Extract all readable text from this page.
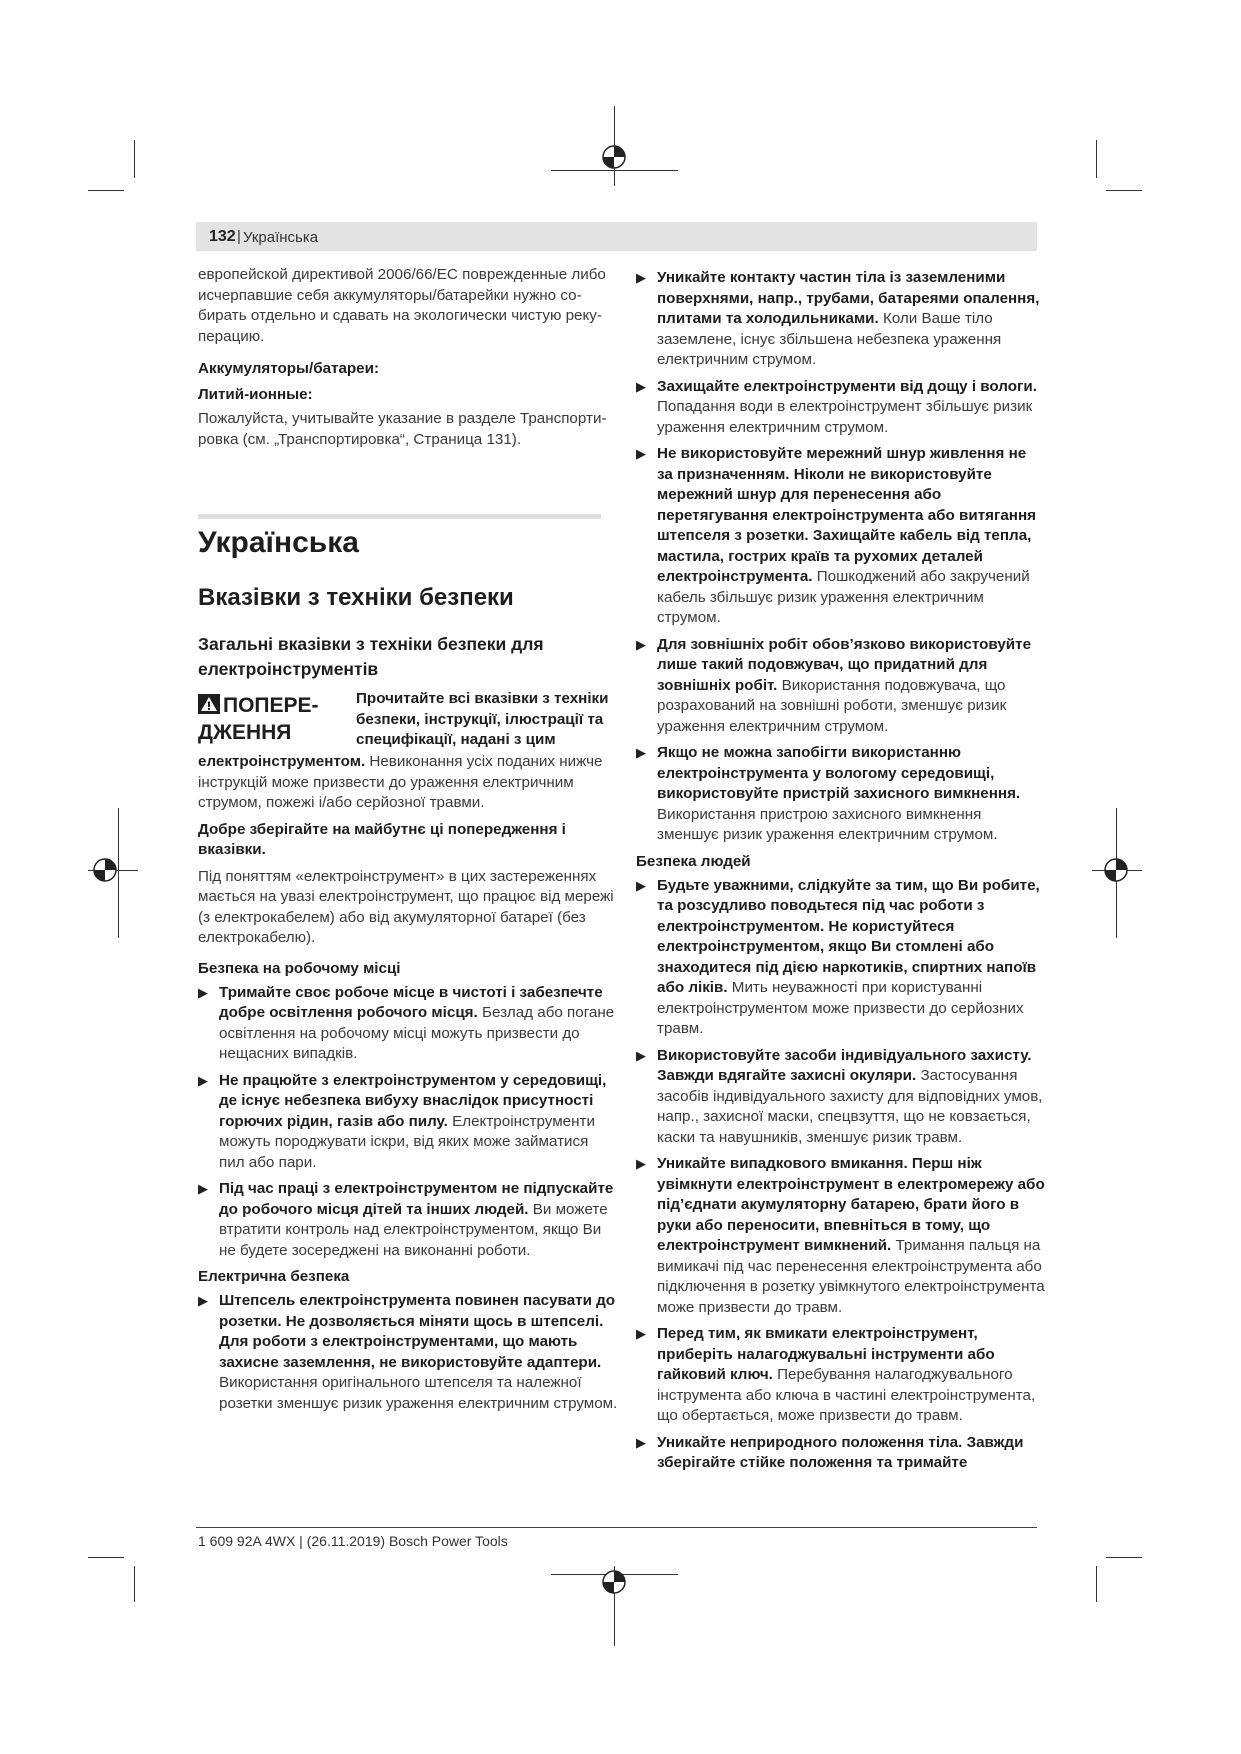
132 | Українська

европейской директивой 2006/66/EC поврежденные либо исчерпавшие себя аккумуляторы/батарейки нужно собирать отдельно и сдавать на экологически чистую рекуперацию.

Аккумуляторы/батареи:
Литий-ионные:

Пожалуйста, учитывайте указание в разделе Транспортировка (см. „Транспортировка“, Страница 131).

Українська
Вказівки з техніки безпеки
Загальні вказівки з техніки безпеки для електроінструментів
ПОПЕРЕДЖЕННЯ
Прочитайте всі вказівки з техніки безпеки, інструкції, ілюстрації та специфікації, надані з цим

електроінструментом. Невиконання усіх поданих нижче інструкцій може призвести до ураження електричним струмом, пожежі і/або серйозної травми.

Добре зберігайте на майбутнє ці попередження і вказівки.

Під поняттям «електроінструмент» в цих застереженнях мається на увазі електроінструмент, що працює від мережі (з електрокабелем) або від акумуляторної батареї (без електрокабелю).

Безпека на робочому місці
▶ Тримайте своє робоче місце в чистоті і забезпечте добре освітлення робочого місця. Безлад або погане освітлення на робочому місці можуть призвести до нещасних випадків.
▶ Не працюйте з електроінструментом у середовищі, де існує небезпека вибуху внаслідок присутності горючих рідин, газів або пилу. Електроінструменти можуть породжувати іскри, від яких може займатися пил або пари.
▶ Під час праці з електроінструментом не підпускайте до робочого місця дітей та інших людей. Ви можете втратити контроль над електроінструментом, якщо Ви не будете зосереджені на виконанні роботи.
Електрична безпека
▶ Штепсель електроінструмента повинен пасувати до розетки. Не дозволяється міняти щось в штепселі. Для роботи з електроінструментами, що мають захисне заземлення, не використовуйте адаптери. Використання оригінального штепселя та належної розетки зменшує ризик ураження електричним струмом.
▶ Уникайте контакту частин тіла із заземленими поверхнями, напр., трубами, батареями опалення, плитами та холодильниками. Коли Ваше тіло заземлене, існує збільшена небезпека ураження електричним струмом.
▶ Захищайте електроінструменти від дощу і вологи. Попадання води в електроінструмент збільшує ризик ураження електричним струмом.
▶ Не використовуйте мережний шнур живлення не за призначенням. Ніколи не використовуйте мережний шнур для перенесення або перетягування електроінструмента або витягання штепселя з розетки. Захищайте кабель від тепла, мастила, гострих країв та рухомих деталей електроінструмента. Пошкоджений або закручений кабель збільшує ризик ураження електричним струмом.
▶ Для зовнішніх робіт обов’язково використовуйте лише такий подовжувач, що придатний для зовнішніх робіт. Використання подовжувача, що розрахований на зовнішні роботи, зменшує ризик ураження електричним струмом.
▶ Якщо не можна запобігти використанню електроінструмента у вологому середовищі, використовуйте пристрій захисного вимкнення. Використання пристрою захисного вимкнення зменшує ризик ураження електричним струмом.
Безпека людей
▶ Будьте уважними, слідкуйте за тим, що Ви робите, та розсудливо поводьтеся під час роботи з електроінструментом. Не користуйтеся електроінструментом, якщо Ви стомлені або знаходитеся під дією наркотиків, спиртних напоїв або ліків. Мить неуважності при користуванні електроінструментом може призвести до серйозних травм.
▶ Використовуйте засоби індивідуального захисту. Завжди вдягайте захисні окуляри. Застосування засобів індивідуального захисту для відповідних умов, напр., захисної маски, спецвзуття, що не ковзається, каски та навушників, зменшує ризик травм.
▶ Уникайте випадкового вмикання. Перш ніж увімкнути електроінструмент в електромережу або під’єднати акумуляторну батарею, брати його в руки або переносити, впевніться в тому, що електроінструмент вимкнений. Тримання пальця на вимикачі під час перенесення електроінструмента або підключення в розетку увімкнутого електроінструмента може призвести до травм.
▶ Перед тим, як вмикати електроінструмент, приберіть налагоджувальні інструменти або гайковий ключ. Перебування налагоджувального інструмента або ключа в частині електроінструмента, що обертається, може призвести до травм.
▶ Уникайте неприродного положення тіла. Завжди зберігайте стійке положення та тримайте
1 609 92A 4WX | (26.11.2019) Bosch Power Tools
